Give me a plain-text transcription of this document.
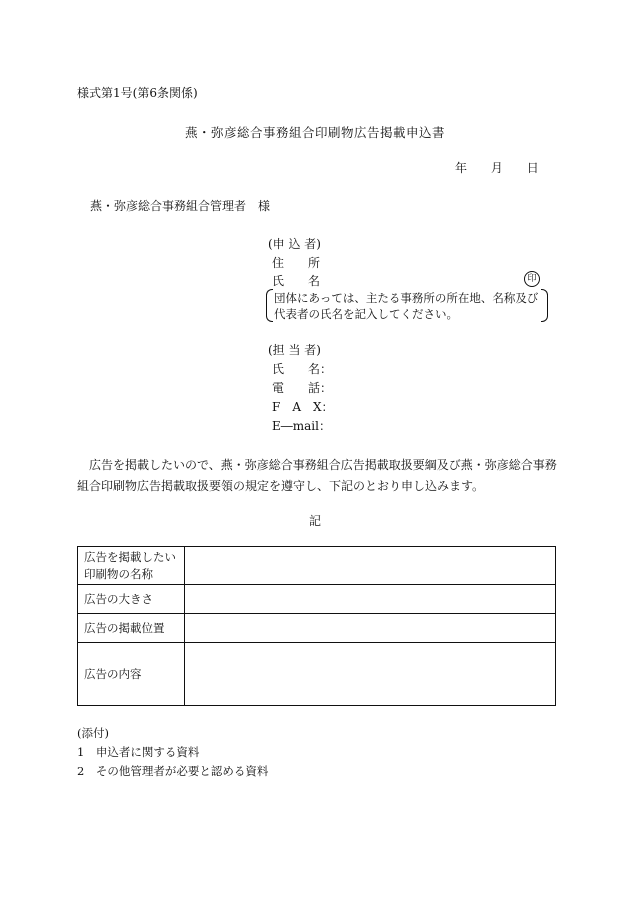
様式第1号(第6条関係)
燕・弥彦総合事務組合印刷物広告掲載申込書
年 月 日
燕・弥彦総合事務組合管理者　様
(申 込 者)
住　　所
氏　　名	印
団体にあっては、主たる事務所の所在地、名称及び代表者の氏名を記入してください。
(担 当 者)
氏　　名：
電　　話：
F　A　X：
E―mail：
広告を掲載したいので、燕・弥彦総合事務組合広告掲載取扱要綱及び燕・弥彦総合事務組合印刷物広告掲載取扱要領の規定を遵守し、下記のとおり申し込みます。
記
広告を掲載したい印刷物の名称	
広告の大きさ	
広告の掲載位置	
広告の内容	
(添付)
1　申込者に関する資料
2　その他管理者が必要と認める資料
